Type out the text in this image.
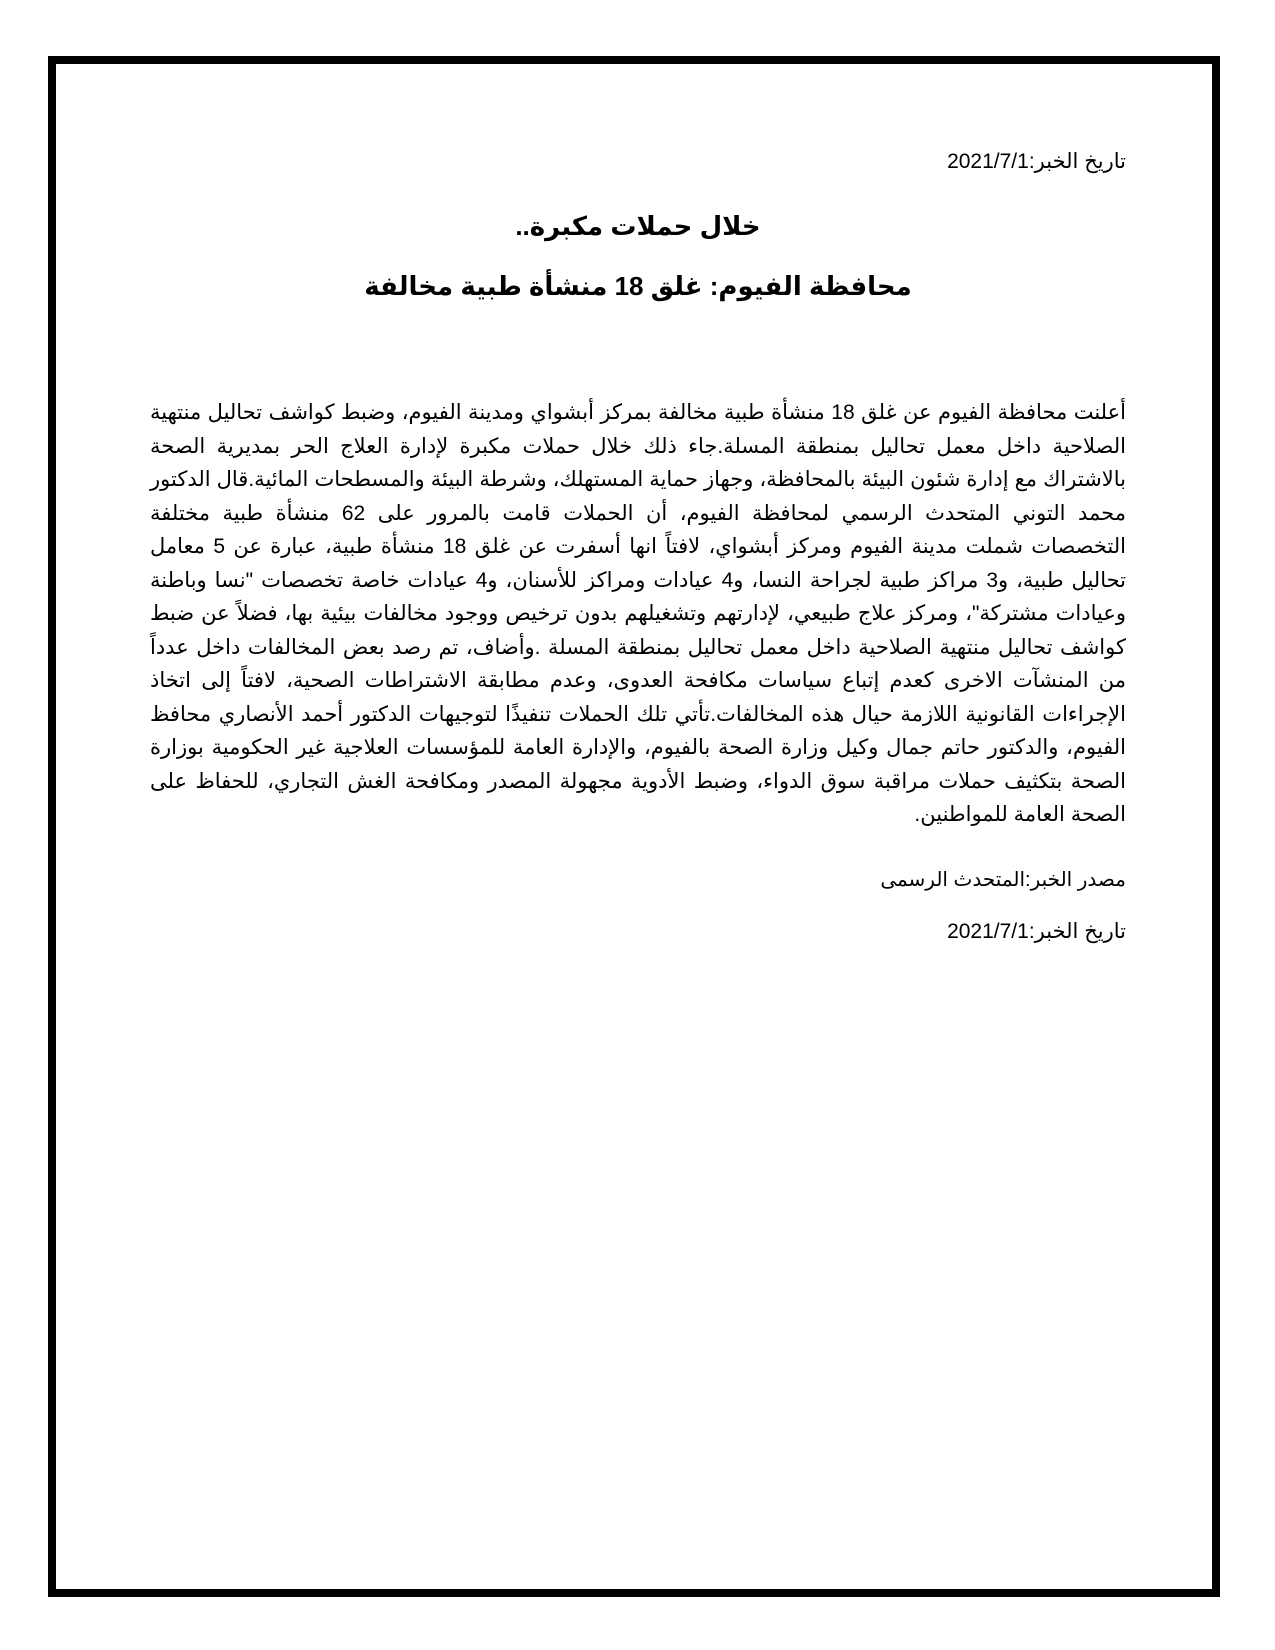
تاريخ الخبر:2021/7/1

خلال حملات مكبرة..

محافظة الفيوم: غلق 18 منشأة طبية مخالفة

أعلنت محافظة الفيوم عن غلق 18 منشأة طبية مخالفة بمركز أبشواي ومدينة الفيوم، وضبط كواشف تحاليل منتهية الصلاحية داخل معمل تحاليل بمنطقة المسلة.جاء ذلك خلال حملات مكبرة لإدارة العلاج الحر بمديرية الصحة بالاشتراك مع إدارة شئون البيئة بالمحافظة، وجهاز حماية المستهلك، وشرطة البيئة والمسطحات المائية.قال الدكتور محمد التوني المتحدث الرسمي لمحافظة الفيوم، أن الحملات قامت بالمرور على 62 منشأة طبية مختلفة التخصصات شملت مدينة الفيوم ومركز أبشواي، لافتاً انها أسفرت عن غلق 18 منشأة طبية، عبارة عن 5 معامل تحاليل طبية، و3 مراكز طبية لجراحة النسا، و4 عيادات ومراكز للأسنان، و4 عيادات خاصة تخصصات "نسا وباطنة وعيادات مشتركة"، ومركز علاج طبيعي، لإدارتهم وتشغيلهم بدون ترخيص ووجود مخالفات بيئية بها، فضلاً عن ضبط كواشف تحاليل منتهية الصلاحية داخل معمل تحاليل بمنطقة المسلة .وأضاف، تم رصد بعض المخالفات داخل عدداً من المنشآت الاخرى كعدم إتباع سياسات مكافحة العدوى، وعدم مطابقة الاشتراطات الصحية، لافتاً إلى اتخاذ الإجراءات القانونية اللازمة حيال هذه المخالفات.تأتي تلك الحملات تنفيذًا لتوجيهات الدكتور أحمد الأنصاري محافظ الفيوم، والدكتور حاتم جمال وكيل وزارة الصحة بالفيوم، والإدارة العامة للمؤسسات العلاجية غير الحكومية بوزارة الصحة بتكثيف حملات مراقبة سوق الدواء، وضبط الأدوية مجهولة المصدر ومكافحة الغش التجاري، للحفاظ على الصحة العامة للمواطنين.

مصدر الخبر:المتحدث الرسمى

تاريخ الخبر:2021/7/1
